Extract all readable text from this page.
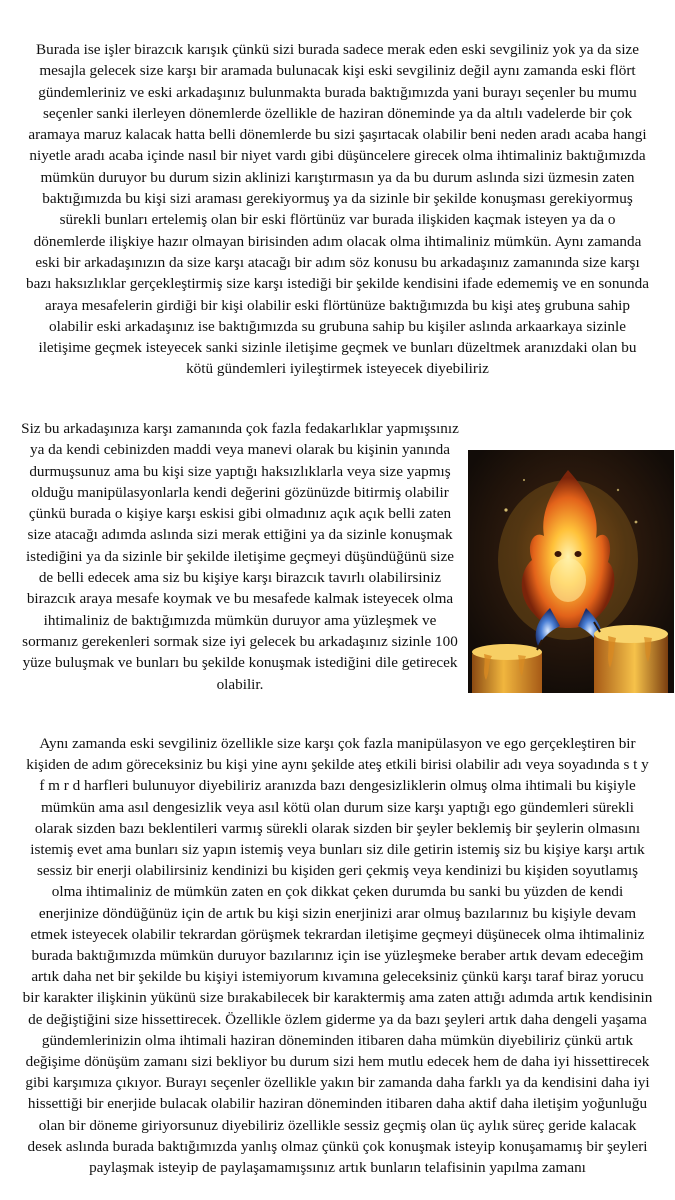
Burada ise işler birazcık karışık çünkü sizi burada sadece merak eden eski sevgiliniz yok ya da size mesajla gelecek size karşı bir aramada bulunacak kişi eski sevgiliniz değil aynı zamanda eski flört gündemleriniz ve eski arkadaşınız bulunmakta burada baktığımızda yani burayı seçenler bu mumu seçenler sanki ilerleyen dönemlerde özellikle de haziran döneminde ya da altılı vadelerde bir çok aramaya maruz kalacak hatta belli dönemlerde bu sizi şaşırtacak olabilir beni neden aradı acaba hangi niyetle aradı acaba içinde nasıl bir niyet vardı gibi düşüncelere girecek olma ihtimaliniz baktığımızda mümkün duruyor bu durum sizin aklinizi karıştırmasın ya da bu durum aslında sizi üzmesin zaten baktığımızda bu kişi sizi araması gerekiyormuş ya da sizinle bir şekilde konuşması gerekiyormuş sürekli bunları ertelemiş olan bir eski flörtünüz var burada ilişkiden kaçmak isteyen ya da o dönemlerde ilişkiye hazır olmayan birisinden adım olacak olma ihtimaliniz mümkün. Aynı zamanda eski bir arkadaşınızın da size karşı atacağı bir adım söz konusu bu arkadaşınız zamanında size karşı bazı haksızlıklar gerçekleştirmiş size karşı istediği bir şekilde kendisini ifade edememiş ve en sonunda araya mesafelerin girdiği bir kişi olabilir eski flörtünüze baktığımızda bu kişi ateş grubuna sahip olabilir eski arkadaşınız ise baktığımızda su grubuna sahip bu kişiler aslında arkaarkaya sizinle iletişime geçmek isteyecek sanki sizinle iletişime geçmek ve bunları düzeltmek aranızdaki olan bu kötü gündemleri iyileştirmek isteyecek diyebiliriz

Siz bu arkadaşınıza karşı zamanında çok fazla fedakarlıklar yapmışsınız ya da kendi cebinizden maddi veya manevi olarak bu kişinin yanında durmuşsunuz ama bu kişi size yaptığı haksızlıklarla veya size yapmış olduğu manipülasyonlarla kendi değerini gözünüzde bitirmiş olabilir çünkü burada o kişiye karşı eskisi gibi olmadınız açık açık belli zaten size atacağı adımda aslında sizi merak ettiğini ya da sizinle konuşmak istediğini ya da sizinle bir şekilde iletişime geçmeyi düşündüğünü size de belli edecek ama siz bu kişiye karşı birazcık tavırlı olabilirsiniz birazcık araya mesafe koymak ve bu mesafede kalmak isteyecek olma ihtimaliniz de baktığımızda mümkün duruyor ama yüzleşmek ve sormanız gerekenleri sormak size iyi gelecek bu arkadaşınız sizinle 100 yüze buluşmak ve bunları bu şekilde konuşmak istediğini dile getirecek olabilir.

Aynı zamanda eski sevgiliniz özellikle size karşı çok fazla manipülasyon ve ego gerçekleştiren bir kişiden de adım göreceksiniz bu kişi yine aynı şekilde ateş etkili birisi olabilir adı veya soyadında s t y f m r d harfleri bulunuyor diyebiliriz aranızda bazı dengesizliklerin olmuş olma ihtimali bu kişiyle mümkün ama asıl dengesizlik veya asıl kötü olan durum size karşı yaptığı ego gündemleri sürekli olarak sizden bazı beklentileri varmış sürekli olarak sizden bir şeyler beklemiş bir şeylerin olmasını istemiş evet ama bunları siz yapın istemiş veya bunları siz dile getirin istemiş siz bu kişiye karşı artık sessiz bir enerji olabilirsiniz kendinizi bu kişiden geri çekmiş veya kendinizi bu kişiden soyutlamış olma ihtimaliniz de mümkün zaten en çok dikkat çeken durumda bu sanki bu yüzden de kendi enerjinize döndüğünüz için de artık bu kişi sizin enerjinizi arar olmuş bazılarınız bu kişiyle devam etmek isteyecek olabilir tekrardan görüşmek tekrardan iletişime geçmeyi düşünecek olma ihtimaliniz burada baktığımızda mümkün duruyor bazılarınız için ise yüzleşmeke beraber artık devam edeceğim artık daha net bir şekilde bu kişiyi istemiyorum kıvamına geleceksiniz çünkü karşı taraf biraz yorucu bir karakter ilişkinin yükünü size bırakabilecek bir karaktermiş ama zaten attığı adımda artık kendisinin de değiştiğini size hissettirecek. Özellikle özlem giderme ya da bazı şeyleri artık daha dengeli yaşama gündemlerinizin olma ihtimali haziran döneminden itibaren daha mümkün diyebiliriz çünkü artık değişime dönüşüm zamanı sizi bekliyor bu durum sizi hem mutlu edecek hem de daha iyi hissettirecek gibi karşımıza çıkıyor. Burayı seçenler özellikle yakın bir zamanda daha farklı ya da kendisini daha iyi hissettiği bir enerjide bulacak olabilir haziran döneminden itibaren daha aktif daha iletişim yoğunluğu olan bir döneme giriyorsunuz diyebiliriz özellikle sessiz geçmiş olan üç aylık süreç geride kalacak desek aslında burada baktığımızda yanlış olmaz çünkü çok konuşmak isteyip konuşamamış bir şeyleri paylaşmak isteyip de paylaşamamışsınız artık bunların telafisinin yapılma zamanı
